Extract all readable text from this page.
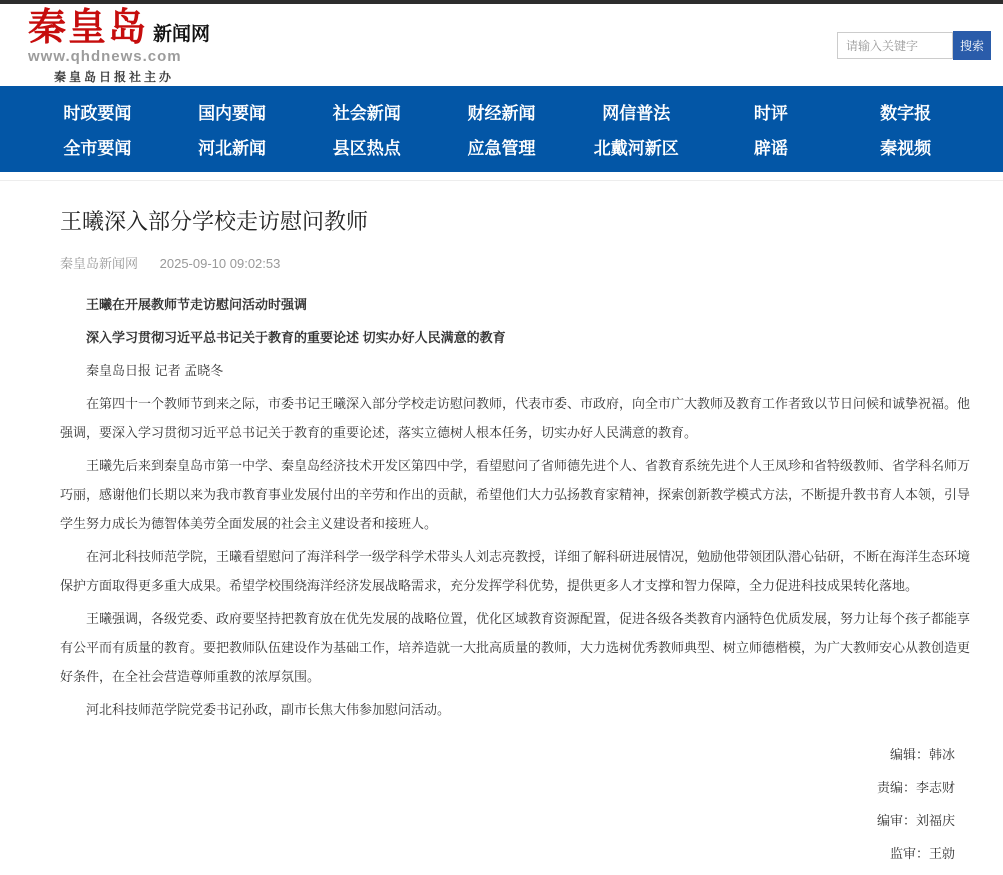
秦皇岛 新闻网
www.qhdnews.com
秦皇岛日报社主办
请输入关键字
搜索
时政要闻	国内要闻	社会新闻	财经新闻	网信普法	时评	数字报
全市要闻	河北新闻	县区热点	应急管理	北戴河新区	辟谣	秦视频
王曦深入部分学校走访慰问教师
秦皇岛新闻网 2025-09-10 09:02:53

王曦在开展教师节走访慰问活动时强调

深入学习贯彻习近平总书记关于教育的重要论述 切实办好人民满意的教育

秦皇岛日报 记者 孟晓冬

在第四十一个教师节到来之际，市委书记王曦深入部分学校走访慰问教师，代表市委、市政府，向全市广大教师及教育工作者致以节日问候和诚挚祝福。他强调，要深入学习贯彻习近平总书记关于教育的重要论述，落实立德树人根本任务，切实办好人民满意的教育。

王曦先后来到秦皇岛市第一中学、秦皇岛经济技术开发区第四中学，看望慰问了省师德先进个人、省教育系统先进个人王凤珍和省特级教师、省学科名师万巧丽，感谢他们长期以来为我市教育事业发展付出的辛劳和作出的贡献，希望他们大力弘扬教育家精神，探索创新教学模式方法，不断提升教书育人本领，引导学生努力成长为德智体美劳全面发展的社会主义建设者和接班人。

在河北科技师范学院，王曦看望慰问了海洋科学一级学科学术带头人刘志亮教授，详细了解科研进展情况，勉励他带领团队潜心钻研，不断在海洋生态环境保护方面取得更多重大成果。希望学校围绕海洋经济发展战略需求，充分发挥学科优势，提供更多人才支撑和智力保障，全力促进科技成果转化落地。

王曦强调，各级党委、政府要坚持把教育放在优先发展的战略位置，优化区域教育资源配置，促进各级各类教育内涵特色优质发展，努力让每个孩子都能享有公平而有质量的教育。要把教师队伍建设作为基础工作，培养造就一大批高质量的教师，大力选树优秀教师典型、树立师德楷模，为广大教师安心从教创造更好条件，在全社会营造尊师重教的浓厚氛围。

河北科技师范学院党委书记孙政，副市长焦大伟参加慰问活动。

编辑：韩冰
责编：李志财
编审：刘福庆
监审：王勍
